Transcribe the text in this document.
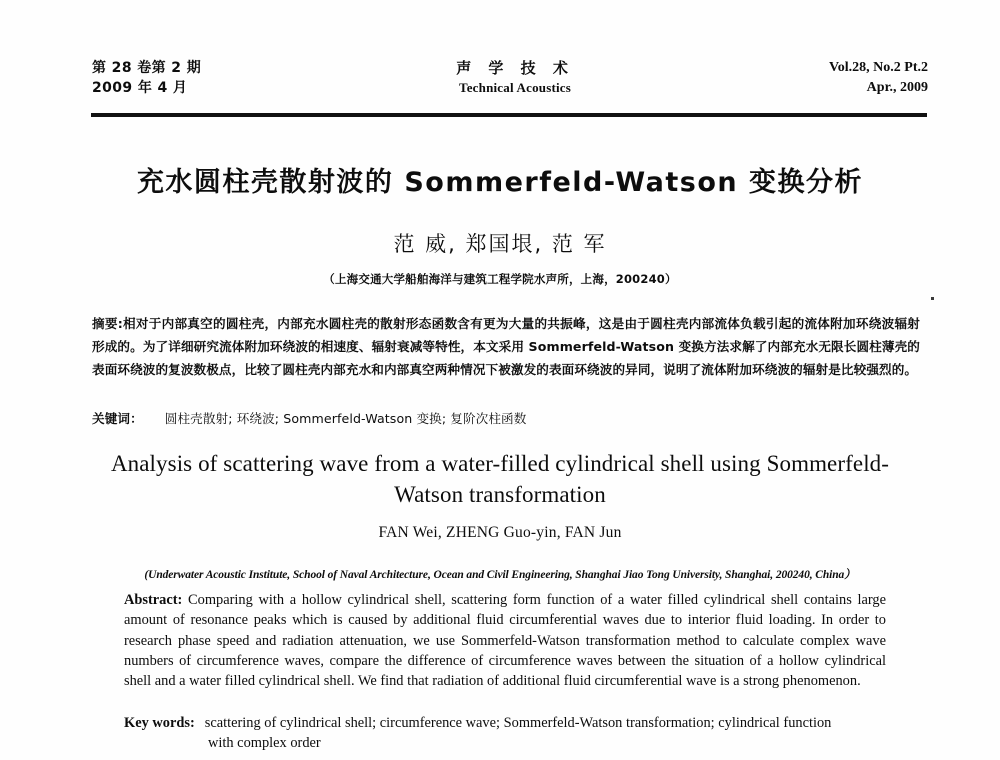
第 28 卷第 2 期
2009 年 4 月
声 学 技 术
Technical Acoustics
Vol.28, No.2 Pt.2
Apr., 2009
充水圆柱壳散射波的 Sommerfeld-Watson 变换分析
范 威, 郑国垠, 范 军
（上海交通大学船舶海洋与建筑工程学院水声所，上海，200240）
摘要:相对于内部真空的圆柱壳，内部充水圆柱壳的散射形态函数含有更为大量的共振峰，这是由于圆柱壳内部流体负载引起的流体附加环绕波辐射形成的。为了详细研究流体附加环绕波的相速度、辐射衰减等特性，本文采用 Sommerfeld-Watson 变换方法求解了内部充水无限长圆柱薄壳的表面环绕波的复波数极点，比较了圆柱壳内部充水和内部真空两种情况下被激发的表面环绕波的异同，说明了流体附加环绕波的辐射是比较强烈的。
关键词： 圆柱壳散射; 环绕波; Sommerfeld-Watson 变换; 复阶次柱函数
Analysis of scattering wave from a water-filled cylindrical shell using Sommerfeld-Watson transformation
FAN Wei, ZHENG Guo-yin, FAN Jun
(Underwater Acoustic Institute, School of Naval Architecture, Ocean and Civil Engineering, Shanghai Jiao Tong University, Shanghai, 200240, China）
Abstract: Comparing with a hollow cylindrical shell, scattering form function of a water filled cylindrical shell contains large amount of resonance peaks which is caused by additional fluid circumferential waves due to interior fluid loading. In order to research phase speed and radiation attenuation, we use Sommerfeld-Watson transformation method to calculate complex wave numbers of circumference waves, compare the difference of circumference waves between the situation of a hollow cylindrical shell and a water filled cylindrical shell. We find that radiation of additional fluid circumferential wave is a strong phenomenon.
Key words: scattering of cylindrical shell; circumference wave; Sommerfeld-Watson transformation; cylindrical function
with complex order
